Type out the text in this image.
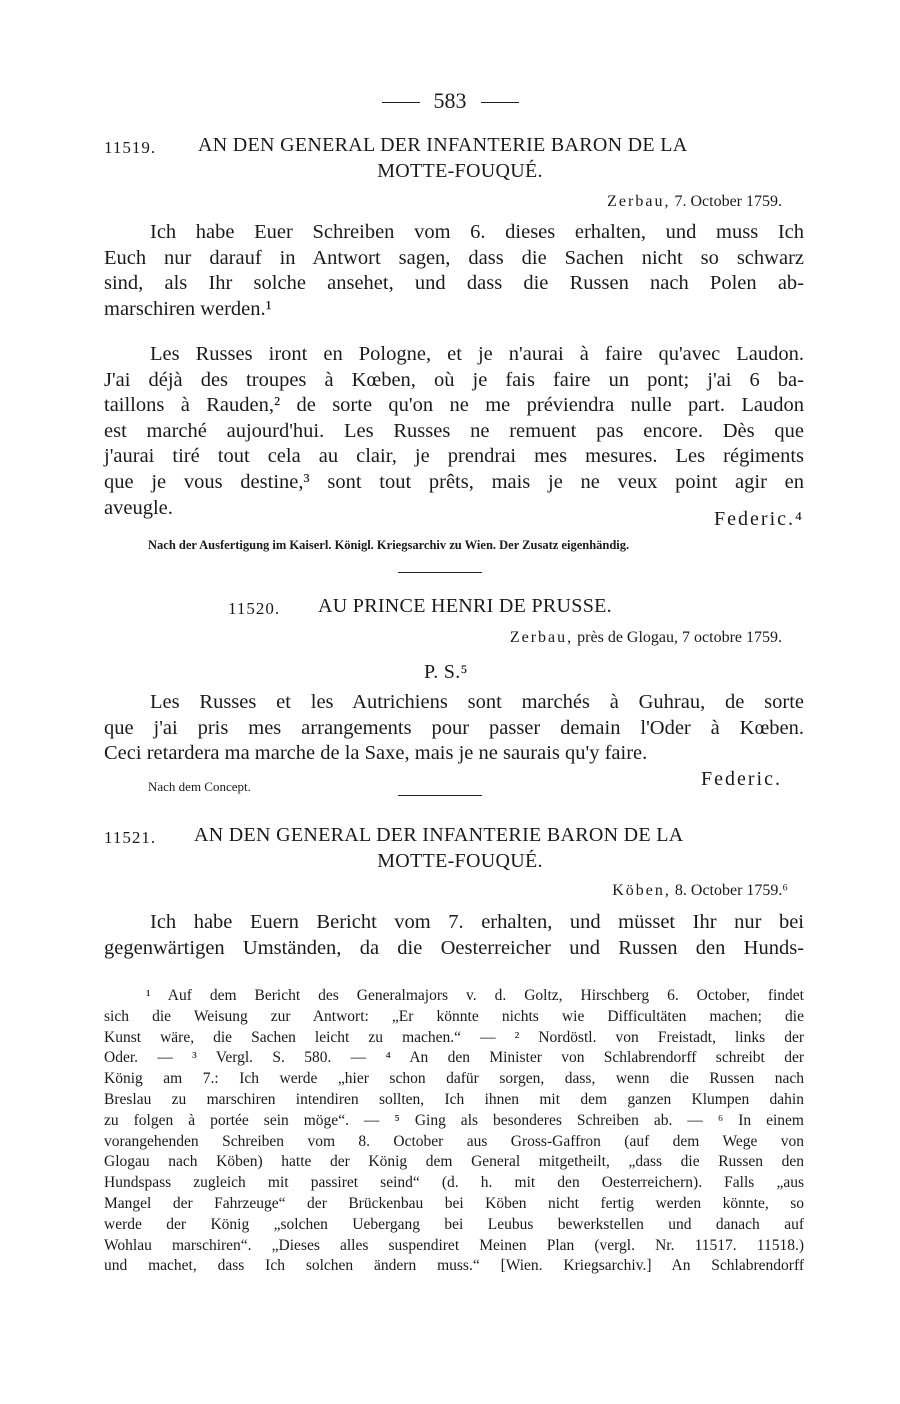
583
11519. AN DEN GENERAL DER INFANTERIE BARON DE LA
MOTTE-FOUQUÉ.
Zerbau, 7. October 1759.
Ich habe Euer Schreiben vom 6. dieses erhalten, und muss Ich
Euch nur darauf in Antwort sagen, dass die Sachen nicht so schwarz
sind, als Ihr solche ansehet, und dass die Russen nach Polen ab-
marschiren werden.¹
Les Russes iront en Pologne, et je n'aurai à faire qu'avec Laudon.
J'ai déjà des troupes à Kœben, où je fais faire un pont; j'ai 6 ba-
taillons à Rauden,² de sorte qu'on ne me préviendra nulle part. Laudon
est marché aujourd'hui. Les Russes ne remuent pas encore. Dès que
j'aurai tiré tout cela au clair, je prendrai mes mesures. Les régiments
que je vous destine,³ sont tout prêts, mais je ne veux point agir en
aveugle.
Federic.⁴
Nach der Ausfertigung im Kaiserl. Königl. Kriegsarchiv zu Wien. Der Zusatz eigenhändig.
11520. AU PRINCE HENRI DE PRUSSE.
Zerbau, près de Glogau, 7 octobre 1759.
P. S.⁵
Les Russes et les Autrichiens sont marchés à Guhrau, de sorte
que j'ai pris mes arrangements pour passer demain l'Oder à Kœben.
Ceci retardera ma marche de la Saxe, mais je ne saurais qu'y faire.
Nach dem Concept.	Federic.
11521. AN DEN GENERAL DER INFANTERIE BARON DE LA
MOTTE-FOUQUÉ.
Köben, 8. October 1759.⁶
Ich habe Euern Bericht vom 7. erhalten, und müsset Ihr nur bei
gegenwärtigen Umständen, da die Oesterreicher und Russen den Hunds-
¹ Auf dem Bericht des Generalmajors v. d. Goltz, Hirschberg 6. October, findet
sich die Weisung zur Antwort: „Er könnte nichts wie Difficultäten machen; die
Kunst wäre, die Sachen leicht zu machen.“ — ² Nordöstl. von Freistadt, links der
Oder. — ³ Vergl. S. 580. — ⁴ An den Minister von Schlabrendorff schreibt der
König am 7.: Ich werde „hier schon dafür sorgen, dass, wenn die Russen nach
Breslau zu marschiren intendiren sollten, Ich ihnen mit dem ganzen Klumpen dahin
zu folgen à portée sein möge“. — ⁵ Ging als besonderes Schreiben ab. — ⁶ In einem
vorangehenden Schreiben vom 8. October aus Gross-Gaffron (auf dem Wege von
Glogau nach Köben) hatte der König dem General mitgetheilt, „dass die Russen den
Hundspass zugleich mit passiret seind“ (d. h. mit den Oesterreichern). Falls „aus
Mangel der Fahrzeuge“ der Brückenbau bei Köben nicht fertig werden könnte, so
werde der König „solchen Uebergang bei Leubus bewerkstellen und danach auf
Wohlau marschiren“. „Dieses alles suspendiret Meinen Plan (vergl. Nr. 11517. 11518.)
und machet, dass Ich solchen ändern muss.“ [Wien. Kriegsarchiv.] An Schlabrendorff
